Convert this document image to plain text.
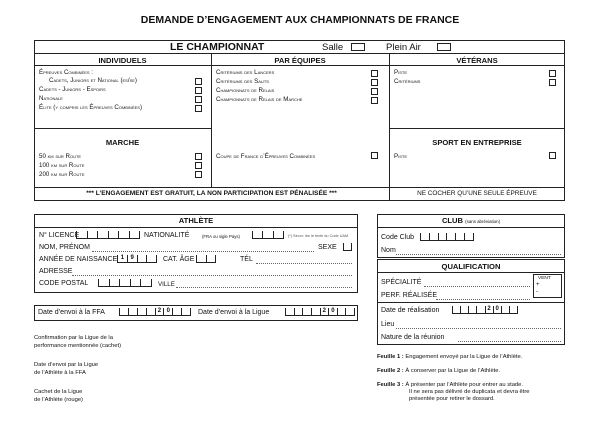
DEMANDE D’ENGAGEMENT AUX CHAMPIONNATS DE FRANCE
LE CHAMPIONNAT	Salle	Plein Air
INDIVIDUELS
Épreuves Combinées :
Cadets, Juniors et National (es/se)
Cadets - Juniors - Espoirs
Nationale
Élite (y compris les Épreuves Combinées)
PAR ÉQUIPES
Critériums des Lancers
Critériums des Sauts
Championnats de Relais
Championnats de Relais de Marche
VÉTÉRANS
Piste
Critériums
MARCHE
50 km sur Route
100 km sur Route
200 km sur Route
Coupe de France d’Épreuves Combinées
SPORT EN ENTREPRISE
Piste
*** L’ENGAGEMENT EST GRATUIT, LA NON PARTICIPATION EST PÉNALISÉE ***	NE COCHER QU’UNE SEULE ÉPREUVE
ATHLÈTE
N° LICENCE	NATIONALITÉ	(FRA ou sigle Pays)	(*) Sinon: lire le texte du Code UAM
NOM, PRÉNOM	SEXE
ANNÉE DE NAISSANCE 1	9	CAT. ÂGE	TÉL
ADRESSE
CODE POSTAL	VILLE
Date d’envoi à la FFA	2 0	Date d’envoi à la Ligue	2 0
CLUB (sans abréviation)
Code Club
Nom
QUALIFICATION
SPÉCIALITÉ
PERF. RÉALISÉE
VENT
+
-
Date de réalisation	2 0
Lieu
Nature de la réunion
Confirmation par la Ligue de la
performance mentionnée (cachet)
Date d’envoi par la Ligue
de l’Athlète à la FFA
Cachet de la Ligue
de l’Athlète (rouge)
Feuille 1 : Engagement envoyé par la Ligue de l’Athlète.
Feuille 2 : À conserver par la Ligue de l’Athlète.
Feuille 3 : À présenter par l’Athlète pour entrer au stade.
Il ne sera pas délivré de duplicata et devra être
présentée pour retirer le dossard.
